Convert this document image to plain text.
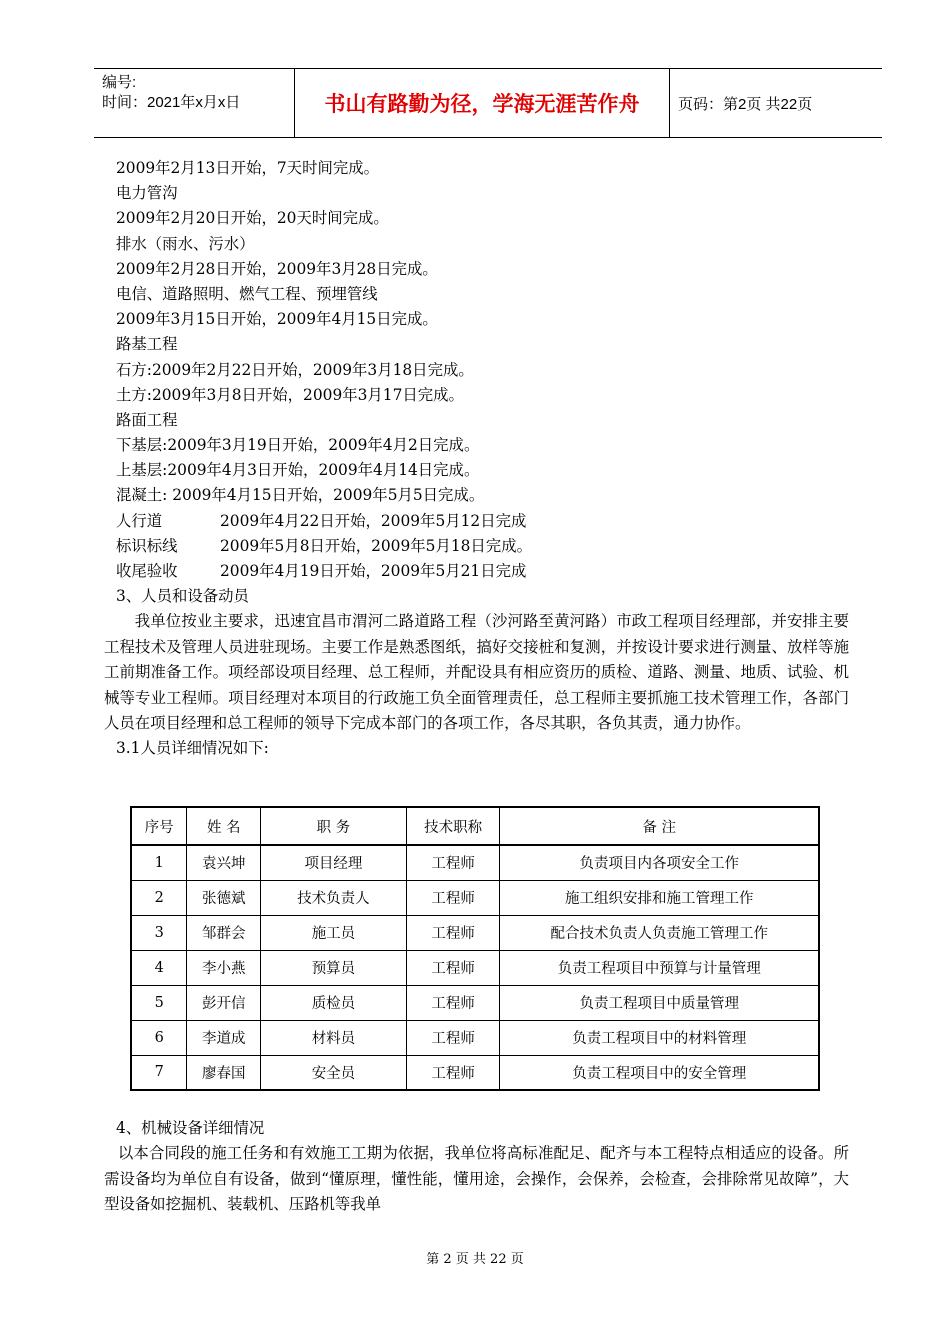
编号:
时间：2021年x月x日	书山有路勤为径，学海无涯苦作舟	页码：第2页 共22页
2009年2月13日开始，7天时间完成。
电力管沟
2009年2月20日开始，20天时间完成。
排水（雨水、污水）
2009年2月28日开始，2009年3月28日完成。
电信、道路照明、燃气工程、预埋管线
2009年3月15日开始，2009年4月15日完成。
路基工程
石方:2009年2月22日开始，2009年3月18日完成。
土方:2009年3月8日开始，2009年3月17日完成。
路面工程
下基层:2009年3月19日开始，2009年4月2日完成。
上基层:2009年4月3日开始，2009年4月14日完成。
混凝土: 2009年4月15日开始，2009年5月5日完成。
人行道	2009年4月22日开始，2009年5月12日完成
标识标线	2009年5月8日开始，2009年5月18日完成。
收尾验收	2009年4月19日开始，2009年5月21日完成
3、人员和设备动员

我单位按业主要求，迅速宜昌市渭河二路道路工程（沙河路至黄河路）市政工程项目经理部，并安排主要工程技术及管理人员进驻现场。主要工作是熟悉图纸，搞好交接桩和复测，并按设计要求进行测量、放样等施工前期准备工作。项经部设项目经理、总工程师，并配设具有相应资历的质检、道路、测量、地质、试验、机械等专业工程师。项目经理对本项目的行政施工负全面管理责任，总工程师主要抓施工技术管理工作，各部门人员在项目经理和总工程师的领导下完成本部门的各项工作，各尽其职，各负其责，通力协作。

3.1人员详细情况如下:
序号	姓 名	职 务	技术职称	备 注
1	袁兴坤	项目经理	工程师	负责项目内各项安全工作
2	张德斌	技术负责人	工程师	施工组织安排和施工管理工作
3	邹群会	施工员	工程师	配合技术负责人负责施工管理工作
4	李小燕	预算员	工程师	负责工程项目中预算与计量管理
5	彭开信	质检员	工程师	负责工程项目中质量管理
6	李道成	材料员	工程师	负责工程项目中的材料管理
7	廖春国	安全员	工程师	负责工程项目中的安全管理
4、机械设备详细情况

以本合同段的施工任务和有效施工工期为依据，我单位将高标准配足、配齐与本工程特点相适应的设备。所需设备均为单位自有设备，做到“懂原理，懂性能，懂用途，会操作，会保养，会检查，会排除常见故障”，大型设备如挖掘机、装载机、压路机等我单

第 2 页 共 22 页
